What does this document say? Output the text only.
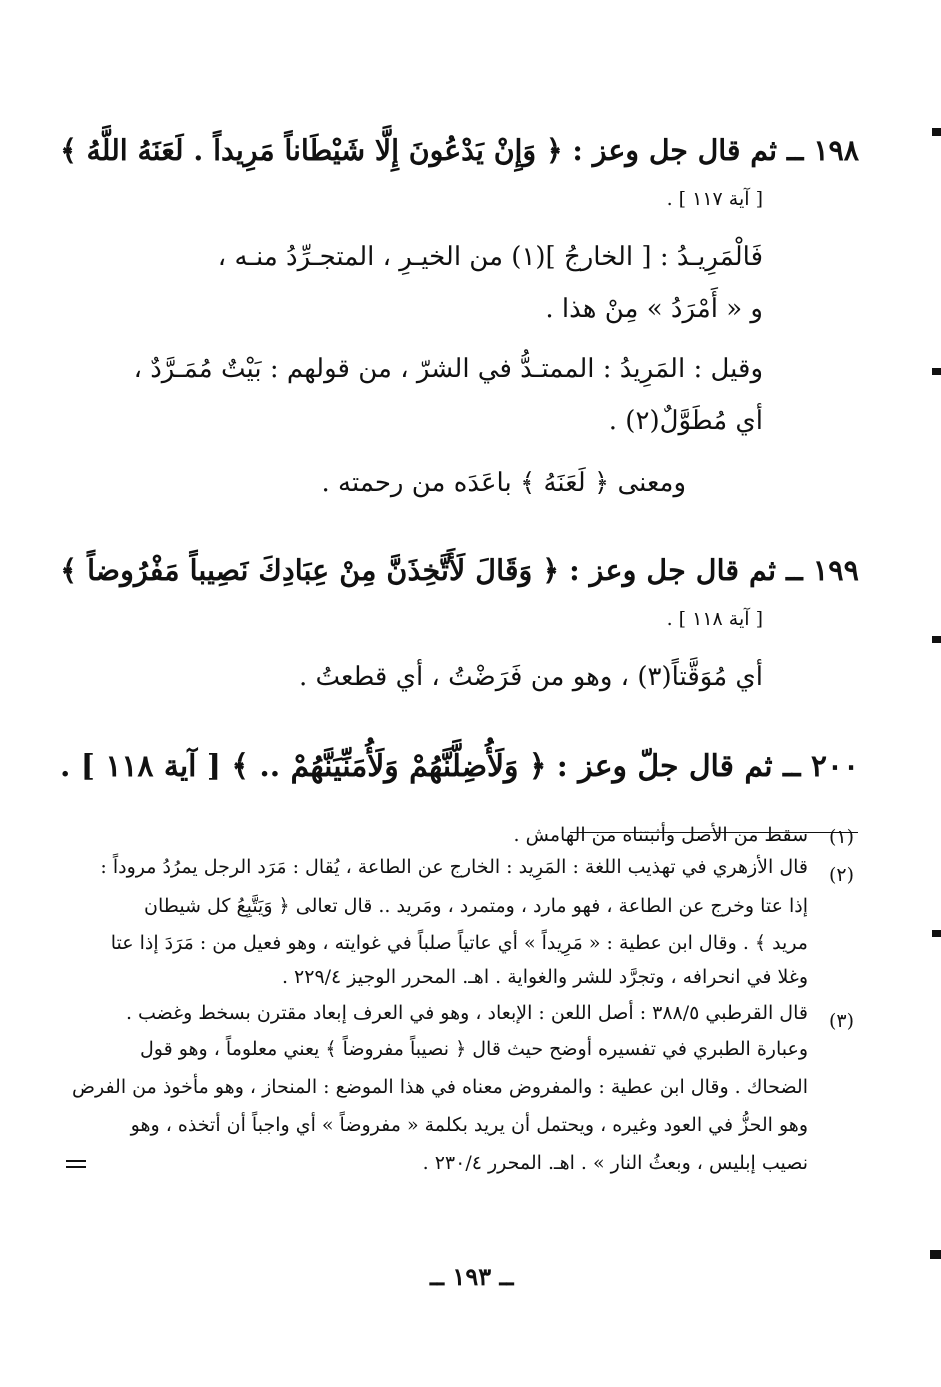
١٩٨ ــ ثم قال جل وعز : ﴿ وَإِنْ يَدْعُونَ إِلَّا شَيْطَاناً مَرِيداً . لَعَنَهُ اللَّهُ ﴾
[ آية ١١٧ ] .
فَالْمَرِيـدُ : [ الخارجُ ](١) من الخيـرِ ، المتجـرِّدُ منـه ،
و « أَمْرَدُ » مِنْ هذا .
وقيل : المَرِيدُ : الممتـدُّ في الشرّ ، من قولهم : بَيْتٌ مُمَـرَّدٌ ،
أي مُطَوَّلٌ(٢) .
ومعنى ﴿ لَعَنَهُ ﴾ باعَدَه من رحمته .
١٩٩ ــ ثم قال جل وعز : ﴿ وَقَالَ لَأَتَّخِذَنَّ مِنْ عِبَادِكَ نَصِيباً مَفْرُوضاً ﴾
[ آية ١١٨ ] .
أي مُوَقَّتاً(٣) ، وهو من فَرَضْتُ ، أي قطعتُ .
٢٠٠ ــ ثم قال جلّ وعز : ﴿ وَلَأُضِلَّنَّهُمْ وَلَأُمَنِّيَنَّهُمْ .. ﴾ [ آية ١١٨ ] .
(١)
سقط من الأصل وأثبتناه من الهامش .
(٢)
قال الأزهري في تهذيب اللغة : المَرِيد : الخارج عن الطاعة ، يُقال : مَرَد الرجل يمرُدُ مروداً :
إذا عتا وخرج عن الطاعة ، فهو مارد ، ومتمرد ، ومَريد .. قال تعالى ﴿ وَيَتَّبِعُ كل شيطان
مريد ﴾ . وقال ابن عطية : « مَرِيداً » أي عاتياً صلباً في غوايته ، وهو فعيل من : مَرَدَ إذا عتا
وغلا في انحرافه ، وتجرَّد للشر والغواية . اهـ. المحرر الوجيز ٢٢٩/٤ .
(٣)
قال القرطبي ٣٨٨/٥ : أصل اللعن : الإبعاد ، وهو في العرف إبعاد مقترن بسخط وغضب .
وعبارة الطبري في تفسيره أوضح حيث قال ﴿ نصيباً مفروضاً ﴾ يعني معلوماً ، وهو قول
الضحاك . وقال ابن عطية : والمفروض معناه في هذا الموضع : المنحاز ، وهو مأخوذ من الفرض
وهو الحزُّ في العود وغيره ، ويحتمل أن يريد بكلمة « مفروضاً » أي واجباً أن أتخذه ، وهو
نصيب إبليس ، وبعثُ النار » . اهـ. المحرر ٢٣٠/٤ .
ــ ١٩٣ ــ
